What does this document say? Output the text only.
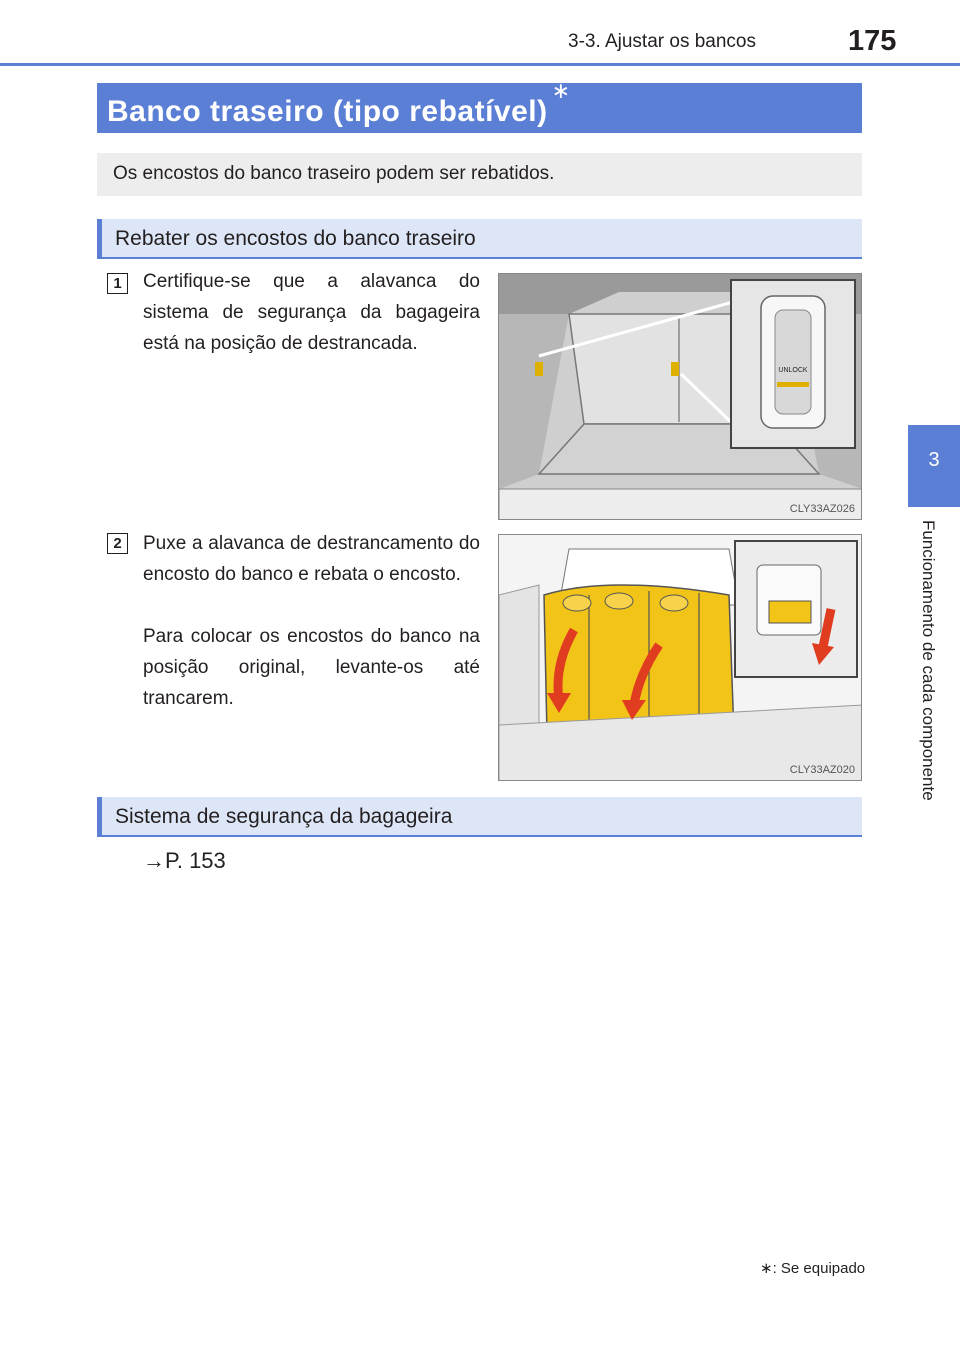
3-3. Ajustar os bancos	175
3
Funcionamento de cada componente
Banco traseiro (tipo rebatível)∗
Os encostos do banco traseiro podem ser rebatidos.
Rebater os encostos do banco traseiro
1	Certifique-se que a alavanca do sistema de segurança da bagageira está na posição de destrancada.
UNLOCK
CLY33AZ026
2	Puxe a alavanca de destrancamento do encosto do banco e rebata o encosto.
Para colocar os encostos do banco na posição original, levante-os até trancarem.
CLY33AZ020
Sistema de segurança da bagageira
→P. 153
∗: Se equipado
